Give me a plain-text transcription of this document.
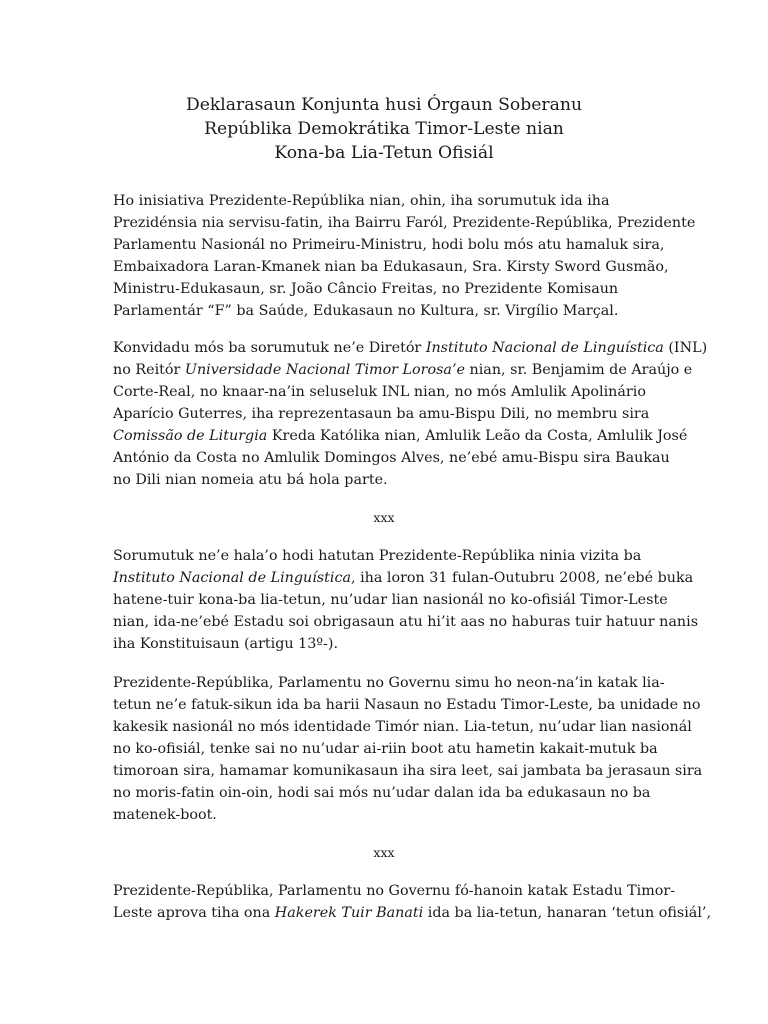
Deklarasaun Konjunta husi Órgaun Soberanu
Repúblika Demokrátika Timor-Leste nian
Kona-ba Lia-Tetun Ofisiál

Ho inisiativa Prezidente-Repúblika nian, ohin, iha sorumutuk ida iha
Prezidénsia nia servisu-fatin, iha Bairru Faról, Prezidente-Repúblika, Prezidente
Parlamentu Nasionál no Primeiru-Ministru, hodi bolu mós atu hamaluk sira,
Embaixadora Laran-Kmanek nian ba Edukasaun, Sra. Kirsty Sword Gusmão,
Ministru-Edukasaun, sr. João Câncio Freitas, no Prezidente Komisaun
Parlamentár “F” ba Saúde, Edukasaun no Kultura, sr. Virgílio Marçal.

Konvidadu mós ba sorumutuk ne’e Diretór Instituto Nacional de Linguística (INL)
no Reitór Universidade Nacional Timor Lorosa’e nian, sr. Benjamim de Araújo e
Corte-Real, no knaar-na’in seluseluk INL nian, no mós Amlulik Apolinário
Aparício Guterres, iha reprezentasaun ba amu-Bispu Dili, no membru sira
Comissão de Liturgia Kreda Katólika nian, Amlulik Leão da Costa, Amlulik José
António da Costa no Amlulik Domingos Alves, ne’ebé amu-Bispu sira Baukau
no Dili nian nomeia atu bá hola parte.

xxx

Sorumutuk ne’e hala’o hodi hatutan Prezidente-Repúblika ninia vizita ba
Instituto Nacional de Linguística, iha loron 31 fulan-Outubru 2008, ne’ebé buka
hatene-tuir kona-ba lia-tetun, nu’udar lian nasionál no ko-ofisiál Timor-Leste
nian, ida-ne’ebé Estadu soi obrigasaun atu hi’it aas no haburas tuir hatuur nanis
iha Konstituisaun (artigu 13º-).

Prezidente-Repúblika, Parlamentu no Governu simu ho neon-na’in katak lia-
tetun ne’e fatuk-sikun ida ba harii Nasaun no Estadu Timor-Leste, ba unidade no
kakesik nasionál no mós identidade Timór nian. Lia-tetun, nu’udar lian nasionál
no ko-ofisiál, tenke sai no nu’udar ai-riin boot atu hametin kakait-mutuk ba
timoroan sira, hamamar komunikasaun iha sira leet, sai jambata ba jerasaun sira
no moris-fatin oin-oin, hodi sai mós nu’udar dalan ida ba edukasaun no ba
matenek-boot.

xxx

Prezidente-Repúblika, Parlamentu no Governu fó-hanoin katak Estadu Timor-
Leste aprova tiha ona Hakerek Tuir Banati ida ba lia-tetun, hanaran ‘tetun ofisiál’,
